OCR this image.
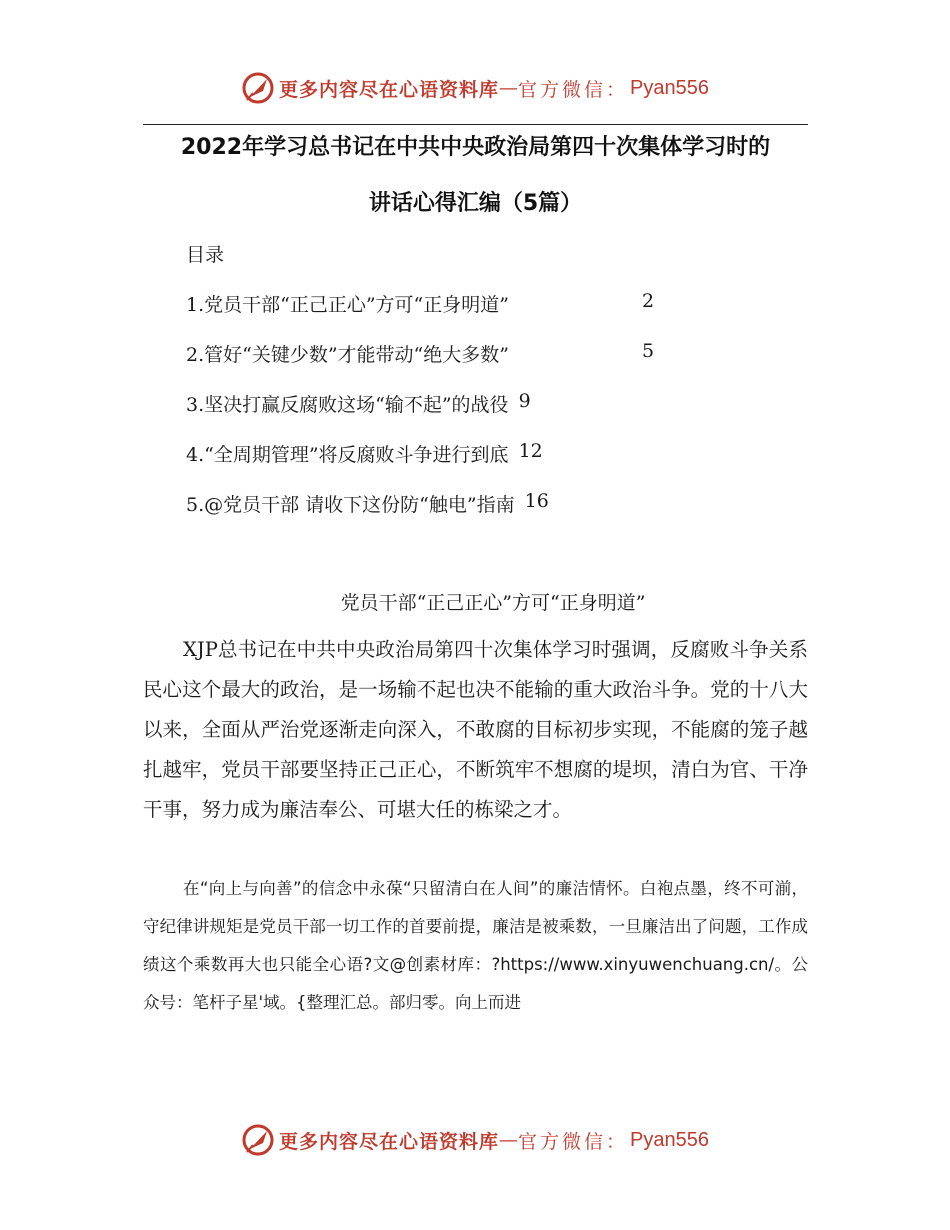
更多内容尽在心语资料库 — 官方微信： Pyan556
2022年学习总书记在中共中央政治局第四十次集体学习时的
讲话心得汇编（5篇）
目录
1.党员干部“正己正心”方可“正身明道”	2
2.管好“关键少数”才能带动“绝大多数”	5
3.坚决打赢反腐败这场“输不起”的战役 9
4.“全周期管理”将反腐败斗争进行到底 12
5.@党员干部 请收下这份防“触电”指南 16
党员干部“正己正心”方可“正身明道”

XJP总书记在中共中央政治局第四十次集体学习时强调，反腐败斗争关系民心这个最大的政治，是一场输不起也决不能输的重大政治斗争。党的十八大以来，全面从严治党逐渐走向深入，不敢腐的目标初步实现，不能腐的笼子越扎越牢，党员干部要坚持正己正心，不断筑牢不想腐的堤坝，清白为官、干净干事，努力成为廉洁奉公、可堪大任的栋梁之才。

在“向上与向善”的信念中永葆“只留清白在人间”的廉洁情怀。白袍点墨，终不可湔，守纪律讲规矩是党员干部一切工作的首要前提，廉洁是被乘数，一旦廉洁出了问题，工作成绩这个乘数再大也只能全心语?文@创素材库：?https://www.xinyuwenchuang.cn/。公众号：笔杆子星'域。{整理汇总。部归零。向上而进

更多内容尽在心语资料库 — 官方微信： Pyan556
